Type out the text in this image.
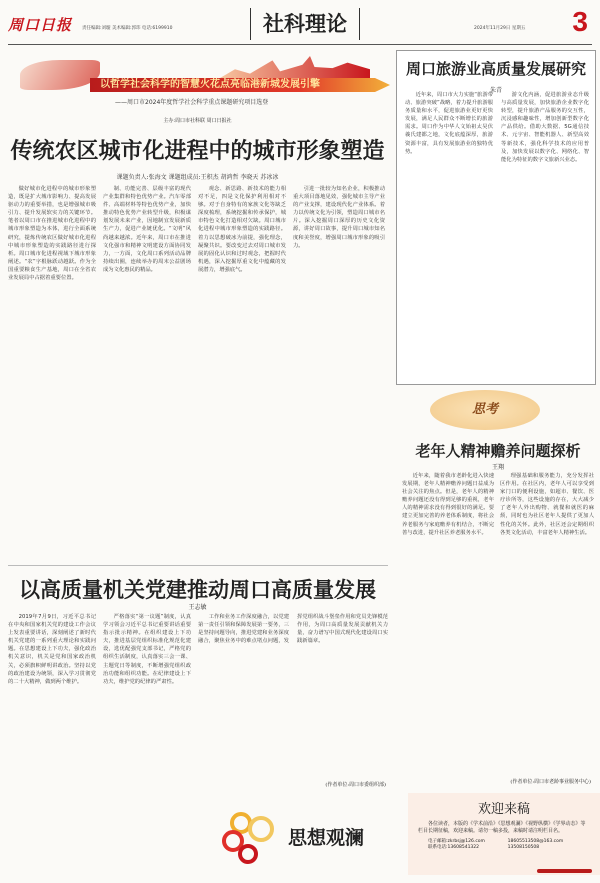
周口日报 责任编辑:刘璇 美术编辑:郭玮 电话:6199910	社科理论	2024年11月29日 星期五 3
以哲学社会科学的智慧火花点亮临港新城发展引擎
——周口市2024年度哲学社会科学重点课题研究项目选登
主办:周口市社科联 周口日报社
传统农区城市化进程中的城市形象塑造
课题负责人:张海文 课题组成员:王积杰 胡鸿哲 李晓天 苏冰冰
做好城市化进程中的城市形象塑造，既是扩大城市影响力、提高发展驱动力的重要举措，也是增强城市吸引力、提升发展软实力的关键环节。笔者以周口市在推进城市化进程中的城市形象塑造为本体，进行全面系统研究，提炼传统农区做好城市化进程中城市形象塑造的实践路径进行探析。周口城市化进程视域下城市形象阐述。“农”字根脉跃动越跃。作为全国重要粮食生产基地，周口在全省农业发展局中占据着重要位置。
制、功能完善、层级丰富的现代产业集群和特色优势产业。汽车零部件、高端材料等特色优势产业，加快推动特色优势产业转型升级，积极谋划发展未来产业，因地制宜发展新质生产力，促进产业链优化。“文明”风尚越来越浓。近年来，周口市在推进文化强市和精神文明建设方面协同发力，一方面，文化周口系列活动品牌持续出圈，连续举办的周末公益剧场成为文化惠民的精品。
观念、新思路、新技术的能力相对不足，四是文化保护利用相对不够。对于自身特有的家族文化等缺乏深度梳理，系统挖掘和传承保护，城市特色文化打造相对欠缺。周口城市化进程中城市形象塑造的实践路径。着力以思想破冰为前提，强化理念，凝聚共识。要改变过去对周口城市发展的固化认识和过时观念，把握时代机遇，深入挖掘厚重文化中蕴藏的发展潜力，增强底气。
引进一批较为知名企业，积极推动重大项目落地见效，强化城市主导产业的产业支撑，建设现代化产业体系。着力以传统文化为引领，塑造周口城市名片。深入挖掘周口深厚的历史文化资源，讲好周口故事，提升周口城市知名度和美誉度，增强周口城市形象的吸引力。
以高质量机关党建推动周口高质量发展
王志敏
2019年7月9日，习近平总书记在中央和国家机关党的建设工作会议上发表重要讲话，深刻阐述了新时代机关党建的一系列重大理论和实践问题。在思想建设上下功夫，强化政治机关意识，机关是党和国家政治机关，必须旗帜鲜明讲政治。坚持以党的政治建设为统领，深入学习贯彻党的二十大精神，做到两个维护。
严格落实“第一议题”制度，认真学习领会习近平总书记重要讲话重要指示批示精神。在组织建设上下功夫，推进基层党组织标准化规范化建设，选优配强党支部书记，严格党的组织生活制度，认真落实三会一课、主题党日等制度，不断增强党组织政治功能和组织功能。在纪律建设上下功夫，维护党的纪律的严肃性。
工作和业务工作深度融合，以党建第一责任引领和保障发展第一要务，三是坚持问题导向，推进党建和业务深度融合，聚焦业务中的难点堵点问题，发挥党组织战斗堡垒作用和党员先锋模范作用，为周口高质量发展贡献机关力量，奋力谱写中国式现代化建设周口实践新篇章。
(作者单位:周口市委组织部)
思想观澜
周口旅游业高质量发展研究
朱青
近年来，周口市大力实施“旅游带动、旅游突破”战略，着力提升旅游服务质量和水平，促进旅游业更好更快发展，满足人民群众不断增长的旅游需求。周口作为中华人文始祖太昊伏羲氏建都之地，文化底蕴深厚，旅游资源丰富，具有发展旅游业的独特优势。
游文化内涵，促进旅游业态升级与高质量发展，加快旅游企业数字化转型，提升旅游产品服务的交互性，沉浸感和趣味性，增加创新型数字化产品供给。借助大数据、5G通信技术、元宇宙、智能机器人、新型高效等新技术，强化科学技术的应用普及，加快发展以数字化、网络化、智能化为特征的数字文旅新兴业态。
思考
老年人精神赡养问题探析
王翔
近年来，随着我市老龄化进入快速发展期，老年人精神赡养问题日益成为社会关注的焦点。但是，老年人的精神赡养问题还没有得到足够的重视，老年人的精神需求没有得到很好的满足。要建立更加完善的养老体系制度，将社会养老服务与家庭赡养有机结合，不断完善与改进，提升社区养老服务水平。
理强基础和服务能力，充分发挥社区作用。在社区内，老年人可以享受到家门口的便利设施，如超市、餐饮、医疗诊所等，这些设施的存在，大大减少了老年人外出购物、就餐和就医的麻烦，同时也为社区老年人提供了更加人性化的关怀。此外，社区还会定期组织各类文化活动，丰富老年人精神生活。
(作者单位:周口市老龄事业服务中心)
欢迎来稿
各位读者，本版的《学术前沿》《思想观澜》《视野纵横》《学界动态》等栏目长期征稿，欢迎来稿。请勿一稿多投，来稿时请注明栏目名。
电子邮箱:zkrbsj@126.com	18605513508@163.com
联系电话:13608541322	13508150508
